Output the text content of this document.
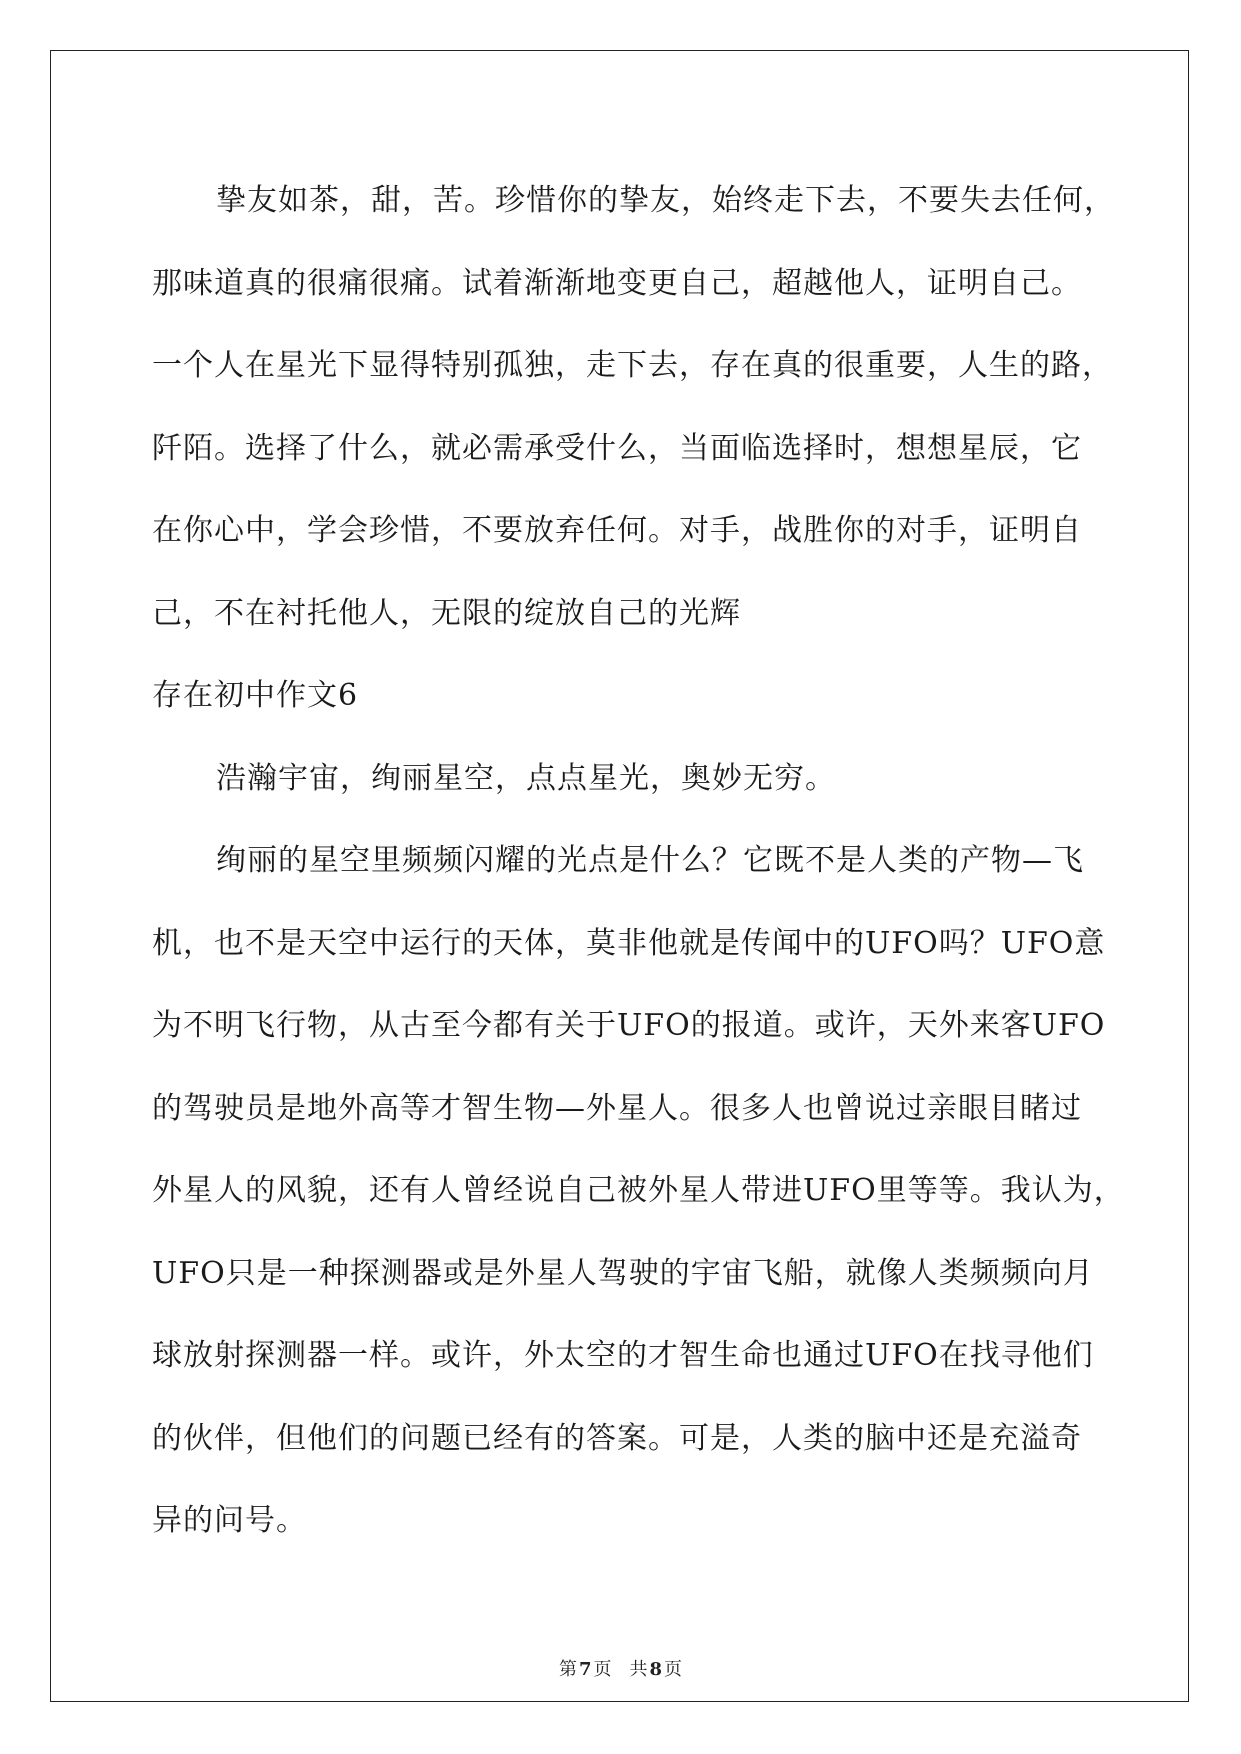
挚友如茶，甜，苦。珍惜你的挚友，始终走下去，不要失去任何，
那味道真的很痛很痛。试着渐渐地变更自己，超越他人，证明自己。
一个人在星光下显得特别孤独，走下去，存在真的很重要，人生的路，
阡陌。选择了什么，就必需承受什么，当面临选择时，想想星辰，它
在你心中，学会珍惜，不要放弃任何。对手，战胜你的对手，证明自
己，不在衬托他人，无限的绽放自己的光辉
存在初中作文6
浩瀚宇宙，绚丽星空，点点星光，奥妙无穷。
绚丽的星空里频频闪耀的光点是什么？它既不是人类的产物—飞
机，也不是天空中运行的天体，莫非他就是传闻中的UFO吗？UFO意
为不明飞行物，从古至今都有关于UFO的报道。或许，天外来客UFO
的驾驶员是地外高等才智生物—外星人。很多人也曾说过亲眼目睹过
外星人的风貌，还有人曾经说自己被外星人带进UFO里等等。我认为，
UFO只是一种探测器或是外星人驾驶的宇宙飞船，就像人类频频向月
球放射探测器一样。或许，外太空的才智生命也通过UFO在找寻他们
的伙伴，但他们的问题已经有的答案。可是，人类的脑中还是充溢奇
异的问号。
第 7 页　共 8 页
